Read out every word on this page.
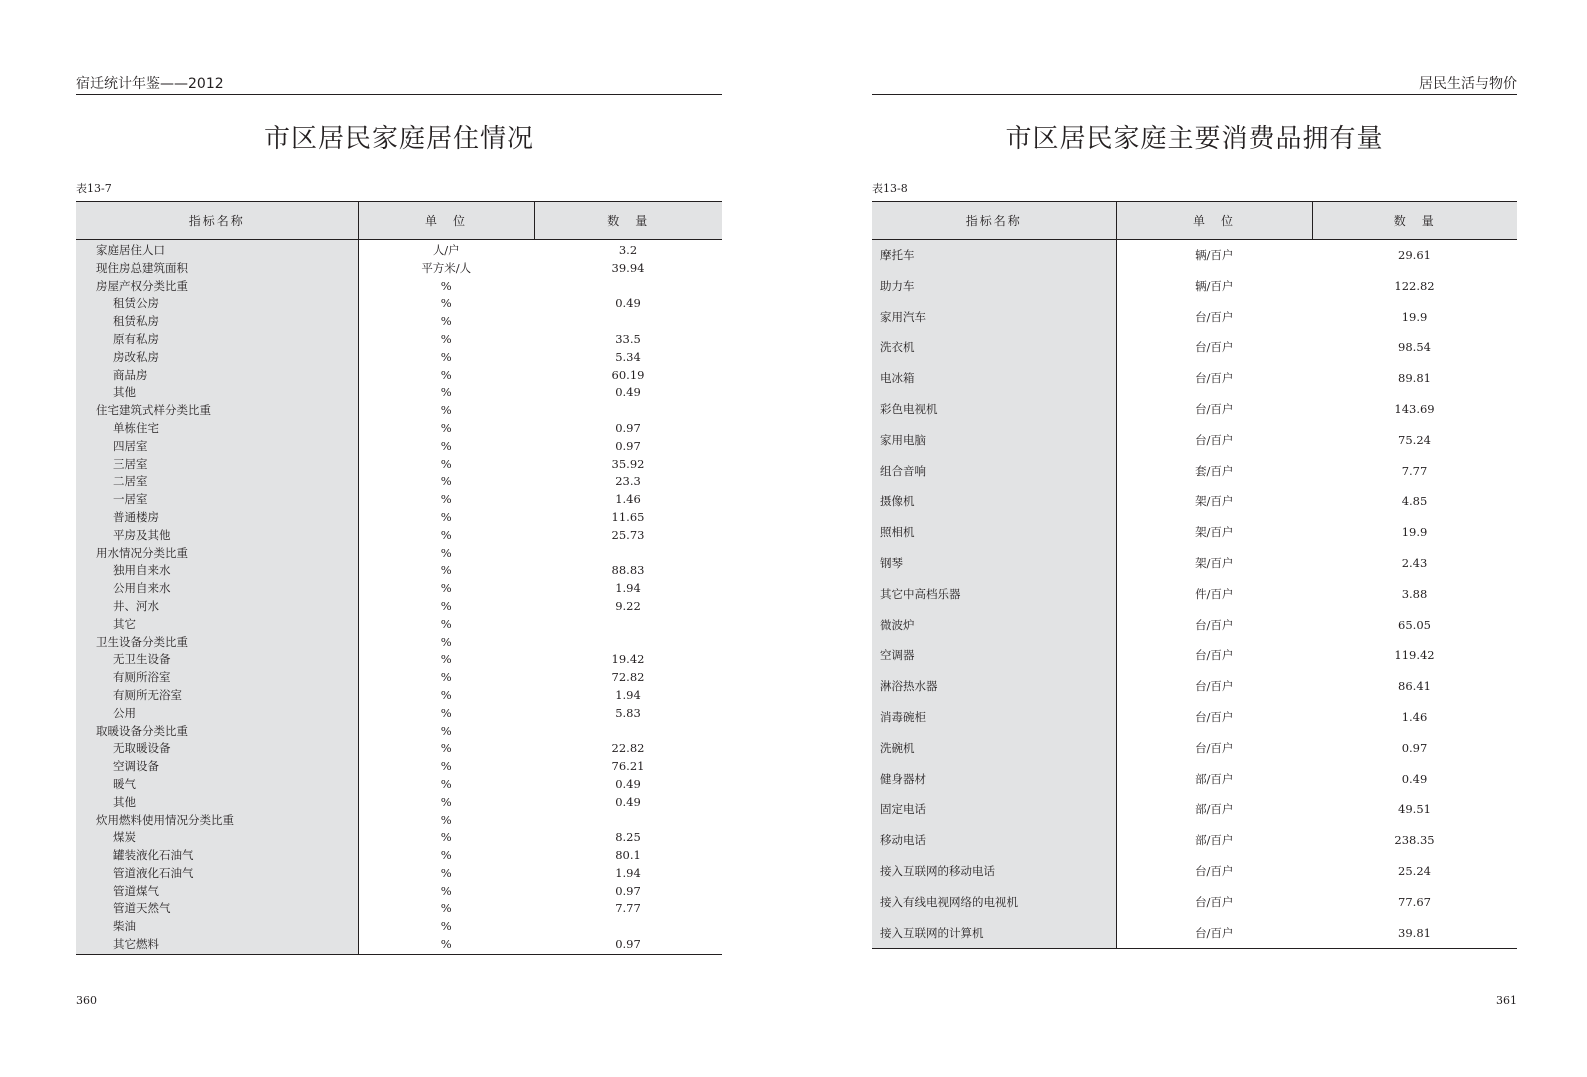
宿迁统计年鉴——2012
市区居民家庭居住情况
表13-7
指标名称	单　位	数　量
家庭居住人口	人/户	3.2
现住房总建筑面积	平方米/人	39.94
房屋产权分类比重	%	
租赁公房	%	0.49
租赁私房	%	
原有私房	%	33.5
房改私房	%	5.34
商品房	%	60.19
其他	%	0.49
住宅建筑式样分类比重	%	
单栋住宅	%	0.97
四居室	%	0.97
三居室	%	35.92
二居室	%	23.3
一居室	%	1.46
普通楼房	%	11.65
平房及其他	%	25.73
用水情况分类比重	%	
独用自来水	%	88.83
公用自来水	%	1.94
井、河水	%	9.22
其它	%	
卫生设备分类比重	%	
无卫生设备	%	19.42
有厕所浴室	%	72.82
有厕所无浴室	%	1.94
公用	%	5.83
取暖设备分类比重	%	
无取暖设备	%	22.82
空调设备	%	76.21
暖气	%	0.49
其他	%	0.49
炊用燃料使用情况分类比重	%	
煤炭	%	8.25
罐装液化石油气	%	80.1
管道液化石油气	%	1.94
管道煤气	%	0.97
管道天然气	%	7.77
柴油	%	
其它燃料	%	0.97
360
居民生活与物价
市区居民家庭主要消费品拥有量
表13-8
指标名称	单　位	数　量
摩托车	辆/百户	29.61
助力车	辆/百户	122.82
家用汽车	台/百户	19.9
洗衣机	台/百户	98.54
电冰箱	台/百户	89.81
彩色电视机	台/百户	143.69
家用电脑	台/百户	75.24
组合音响	套/百户	7.77
摄像机	架/百户	4.85
照相机	架/百户	19.9
钢琴	架/百户	2.43
其它中高档乐器	件/百户	3.88
微波炉	台/百户	65.05
空调器	台/百户	119.42
淋浴热水器	台/百户	86.41
消毒碗柜	台/百户	1.46
洗碗机	台/百户	0.97
健身器材	部/百户	0.49
固定电话	部/百户	49.51
移动电话	部/百户	238.35
接入互联网的移动电话	台/百户	25.24
接入有线电视网络的电视机	台/百户	77.67
接入互联网的计算机	台/百户	39.81
361
